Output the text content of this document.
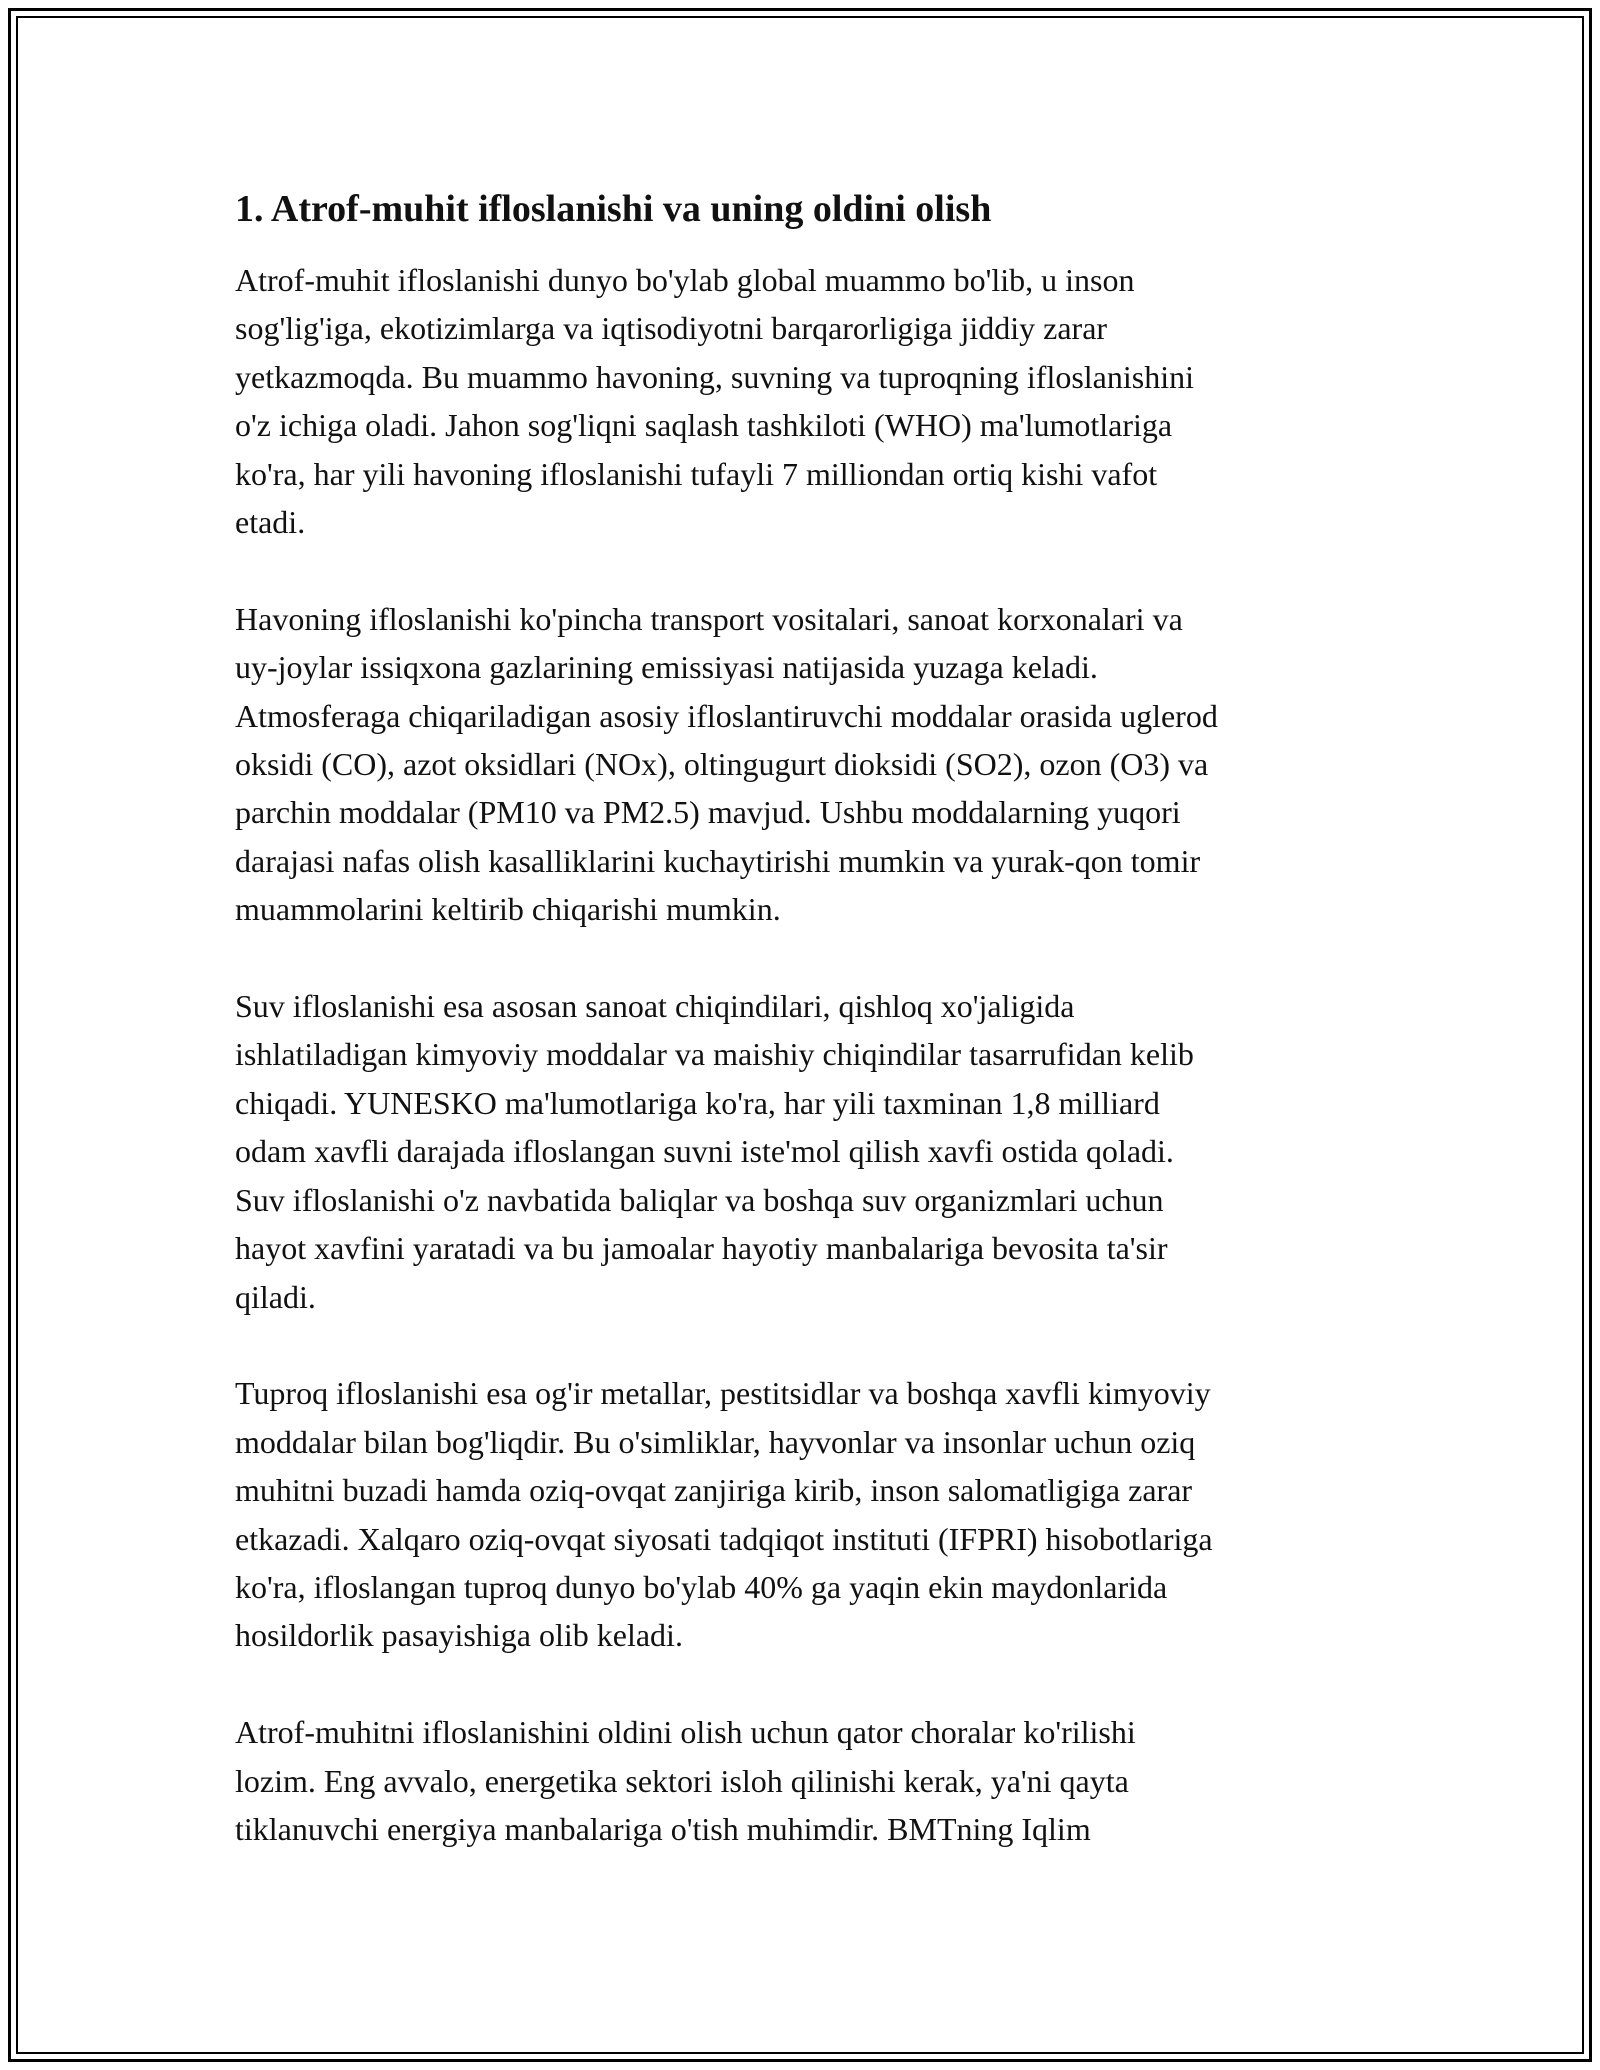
1. Atrof-muhit ifloslanishi va uning oldini olish
Atrof-muhit ifloslanishi dunyo bo'ylab global muammo bo'lib, u inson
sog'lig'iga, ekotizimlarga va iqtisodiyotni barqarorligiga jiddiy zarar
yetkazmoqda. Bu muammo havoning, suvning va tuproqning ifloslanishini
o'z ichiga oladi. Jahon sog'liqni saqlash tashkiloti (WHO) ma'lumotlariga
ko'ra, har yili havoning ifloslanishi tufayli 7 milliondan ortiq kishi vafot
etadi.
Havoning ifloslanishi ko'pincha transport vositalari, sanoat korxonalari va
uy-joylar issiqxona gazlarining emissiyasi natijasida yuzaga keladi.
Atmosferaga chiqariladigan asosiy ifloslantiruvchi moddalar orasida uglerod
oksidi (CO), azot oksidlari (NOx), oltingugurt dioksidi (SO2), ozon (O3) va
parchin moddalar (PM10 va PM2.5) mavjud. Ushbu moddalarning yuqori
darajasi nafas olish kasalliklarini kuchaytirishi mumkin va yurak-qon tomir
muammolarini keltirib chiqarishi mumkin.
Suv ifloslanishi esa asosan sanoat chiqindilari, qishloq xo'jaligida
ishlatiladigan kimyoviy moddalar va maishiy chiqindilar tasarrufidan kelib
chiqadi. YUNESKO ma'lumotlariga ko'ra, har yili taxminan 1,8 milliard
odam xavfli darajada ifloslangan suvni iste'mol qilish xavfi ostida qoladi.
Suv ifloslanishi o'z navbatida baliqlar va boshqa suv organizmlari uchun
hayot xavfini yaratadi va bu jamoalar hayotiy manbalariga bevosita ta'sir
qiladi.
Tuproq ifloslanishi esa og'ir metallar, pestitsidlar va boshqa xavfli kimyoviy
moddalar bilan bog'liqdir. Bu o'simliklar, hayvonlar va insonlar uchun oziq
muhitni buzadi hamda oziq-ovqat zanjiriga kirib, inson salomatligiga zarar
etkazadi. Xalqaro oziq-ovqat siyosati tadqiqot instituti (IFPRI) hisobotlariga
ko'ra, ifloslangan tuproq dunyo bo'ylab 40% ga yaqin ekin maydonlarida
hosildorlik pasayishiga olib keladi.
Atrof-muhitni ifloslanishini oldini olish uchun qator choralar ko'rilishi
lozim. Eng avvalo, energetika sektori isloh qilinishi kerak, ya'ni qayta
tiklanuvchi energiya manbalariga o'tish muhimdir. BMTning Iqlim
